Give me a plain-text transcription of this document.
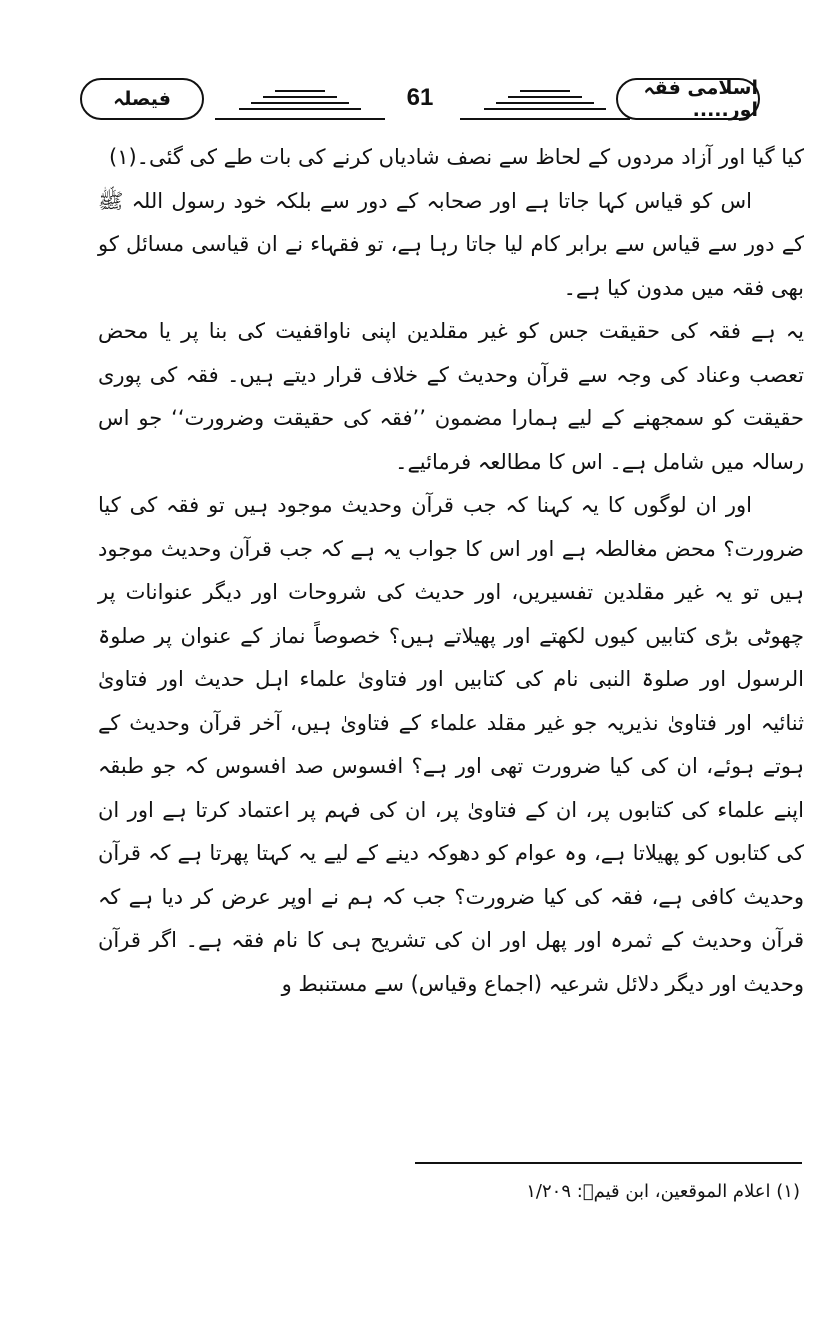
فیصلہ	61	اسلامی فقہ اور.....

کیا گیا اور آزاد مردوں کے لحاظ سے نصف شادیاں کرنے کی بات طے کی گئی۔(۱)

اس کو قیاس کہا جاتا ہے اور صحابہ کے دور سے بلکہ خود رسول اللہ ﷺ کے دور سے قیاس سے برابر کام لیا جاتا رہا ہے، تو فقہاء نے ان قیاسی مسائل کو بھی فقہ میں مدون کیا ہے۔

یہ ہے فقہ کی حقیقت جس کو غیر مقلدین اپنی ناواقفیت کی بنا پر یا محض تعصب وعناد کی وجہ سے قرآن وحدیث کے خلاف قرار دیتے ہیں۔ فقہ کی پوری حقیقت کو سمجھنے کے لیے ہمارا مضمون ’’فقہ کی حقیقت وضرورت‘‘ جو اس رسالہ میں شامل ہے۔ اس کا مطالعہ فرمائیے۔

اور ان لوگوں کا یہ کہنا کہ جب قرآن وحدیث موجود ہیں تو فقہ کی کیا ضرورت؟ محض مغالطہ ہے اور اس کا جواب یہ ہے کہ جب قرآن وحدیث موجود ہیں تو یہ غیر مقلدین تفسیریں، اور حدیث کی شروحات اور دیگر عنوانات پر چھوٹی بڑی کتابیں کیوں لکھتے اور پھیلاتے ہیں؟ خصوصاً نماز کے عنوان پر صلوۃ الرسول اور صلوۃ النبی نام کی کتابیں اور فتاویٰ علماء اہل حدیث اور فتاویٰ ثنائیہ اور فتاویٰ نذیریہ جو غیر مقلد علماء کے فتاویٰ ہیں، آخر قرآن وحدیث کے ہوتے ہوئے، ان کی کیا ضرورت تھی اور ہے؟ افسوس صد افسوس کہ جو طبقہ اپنے علماء کی کتابوں پر، ان کے فتاویٰ پر، ان کی فہم پر اعتماد کرتا ہے اور ان کی کتابوں کو پھیلاتا ہے، وہ عوام کو دھوکہ دینے کے لیے یہ کہتا پھرتا ہے کہ قرآن وحدیث کافی ہے، فقہ کی کیا ضرورت؟ جب کہ ہم نے اوپر عرض کر دیا ہے کہ قرآن وحدیث کے ثمرہ اور پھل اور ان کی تشریح ہی کا نام فقہ ہے۔ اگر قرآن وحدیث اور دیگر دلائل شرعیہ (اجماع وقیاس) سے مستنبط و

(۱) اعلام الموقعین، ابن قیمؒ: ۱/۲۰۹
